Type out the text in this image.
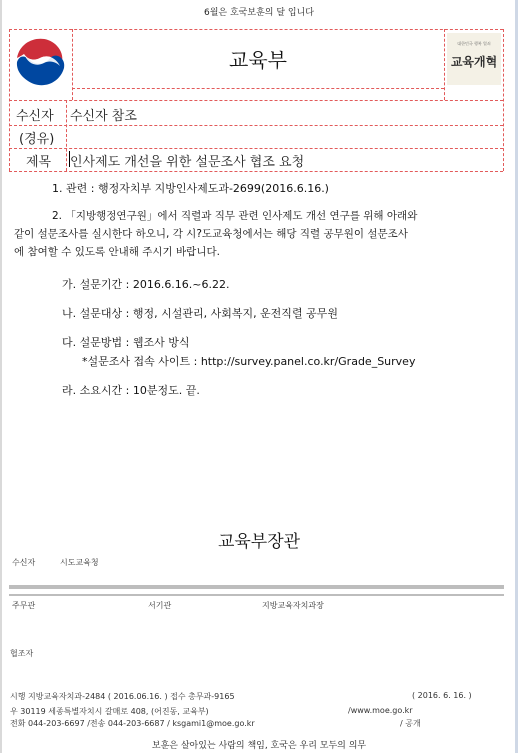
6월은 호국보훈의 달 입니다
교육부
대한민국 행복 열쇠
교육개혁
수신자 수신자 참조
(경유)
제목 인사제도 개선을 위한 설문조사 협조 요청
1. 관련 : 행정자치부 지방인사제도과-2699(2016.6.16.)
2. 「지방행정연구원」에서 직렬과 직무 관련 인사제도 개선 연구를 위해 아래와
같이 설문조사를 실시한다 하오니, 각 시?도교육청에서는 해당 직렬 공무원이 설문조사
에 참여할 수 있도록 안내해 주시기 바랍니다.
가. 설문기간 : 2016.6.16.~6.22.
나. 설문대상 : 행정, 시설관리, 사회복지, 운전직렬 공무원
다. 설문방법 : 웹조사 방식
*설문조사 접속 사이트 : http://survey.panel.co.kr/Grade_Survey
라. 소요시간 : 10분정도. 끝.
교육부장관
수신자	시도교육청
주무관	서기관	지방교육자치과장
협조자
시행 지방교육자치과-2484 ( 2016.06.16. ) 접수 총무과-9165	( 2016. 6. 16. )
우 30119 세종특별자치시 갈매로 408, (어진동, 교육부)	/www.moe.go.kr
전화 044-203-6697 /전송 044-203-6687 / ksgami1@moe.go.kr	/ 공개
보훈은 살아있는 사람의 책임, 호국은 우리 모두의 의무
